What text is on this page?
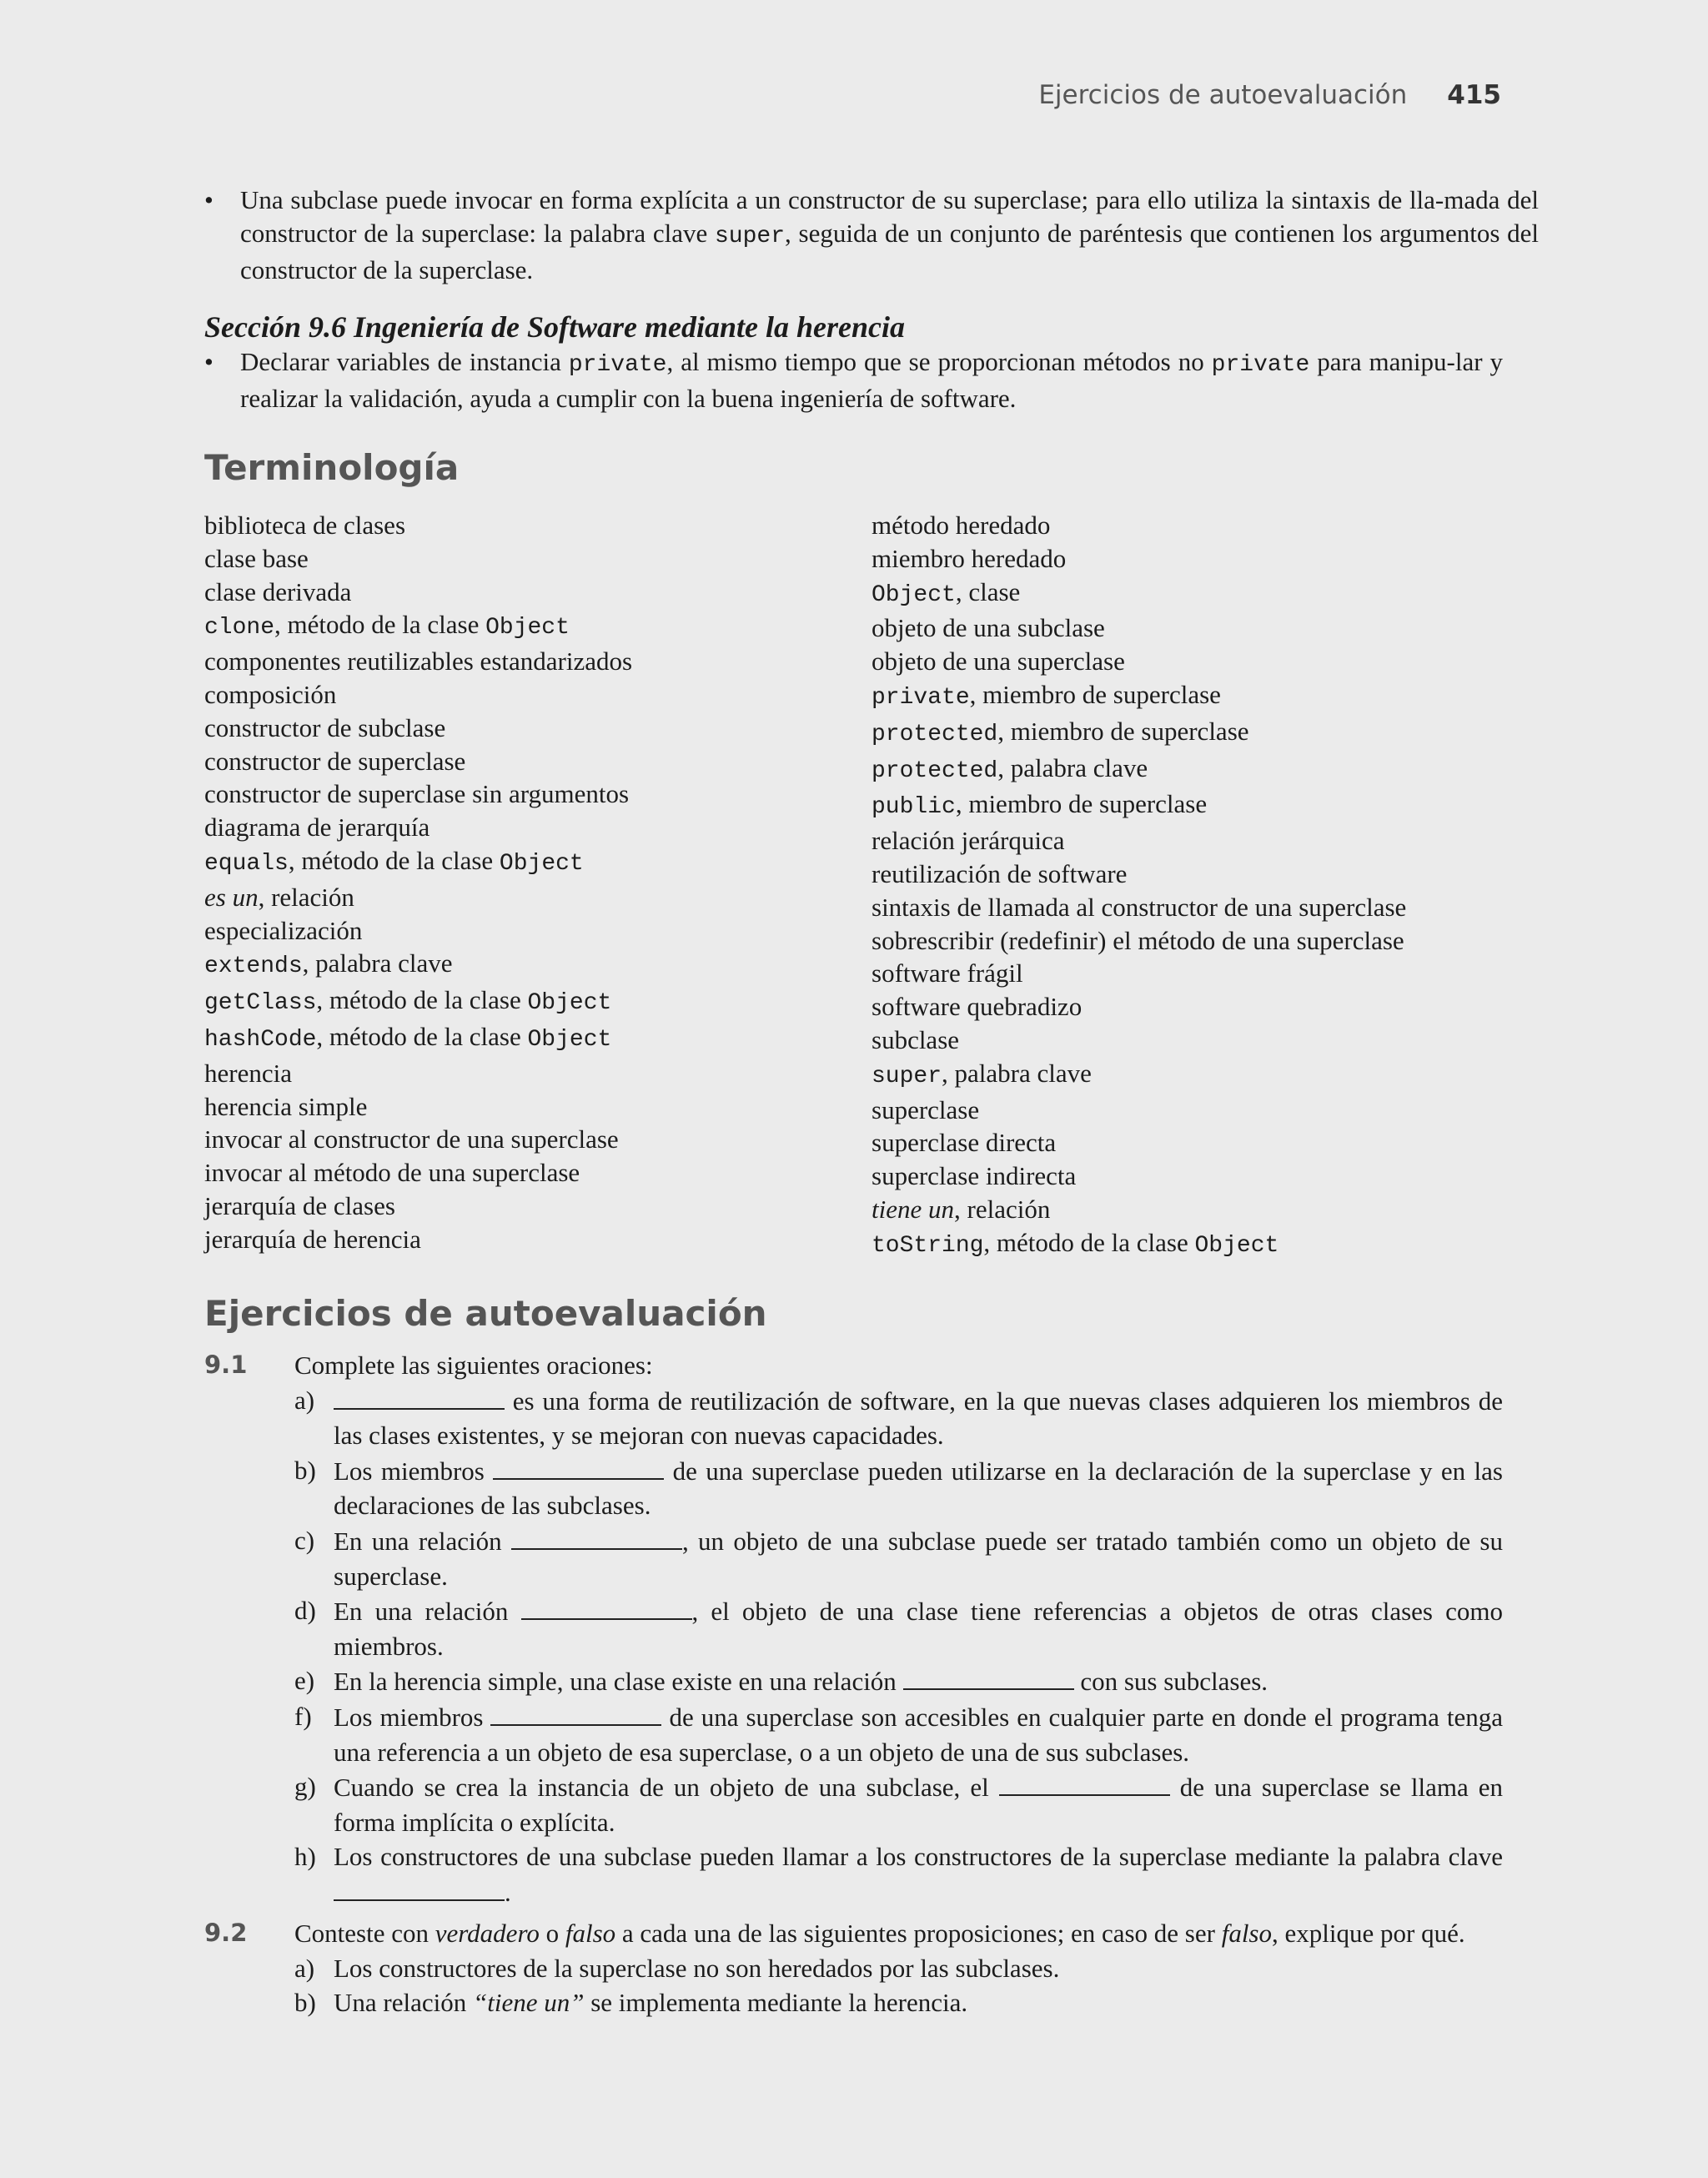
Ejercicios de autoevaluación 415
• Una subclase puede invocar en forma explícita a un constructor de su superclase; para ello utiliza la sintaxis de lla-mada del constructor de la superclase: la palabra clave super, seguida de un conjunto de paréntesis que contienen los argumentos del constructor de la superclase.
Sección 9.6 Ingeniería de Software mediante la herencia
• Declarar variables de instancia private, al mismo tiempo que se proporcionan métodos no private para manipu-lar y realizar la validación, ayuda a cumplir con la buena ingeniería de software.
Terminología
biblioteca de clases
clase base
clase derivada
clone, método de la clase Object
componentes reutilizables estandarizados
composición
constructor de subclase
constructor de superclase
constructor de superclase sin argumentos
diagrama de jerarquía
equals, método de la clase Object
es un, relación
especialización
extends, palabra clave
getClass, método de la clase Object
hashCode, método de la clase Object
herencia
herencia simple
invocar al constructor de una superclase
invocar al método de una superclase
jerarquía de clases
jerarquía de herencia
método heredado
miembro heredado
Object, clase
objeto de una subclase
objeto de una superclase
private, miembro de superclase
protected, miembro de superclase
protected, palabra clave
public, miembro de superclase
relación jerárquica
reutilización de software
sintaxis de llamada al constructor de una superclase
sobrescribir (redefinir) el método de una superclase
software frágil
software quebradizo
subclase
super, palabra clave
superclase
superclase directa
superclase indirecta
tiene un, relación
toString, método de la clase Object
Ejercicios de autoevaluación
9.1 Complete las siguientes oraciones:
a)	es una forma de reutilización de software, en la que nuevas clases adquieren los miembros de las clases existentes, y se mejoran con nuevas capacidades.
b) Los miembros	de una superclase pueden utilizarse en la declaración de la superclase y en las declaraciones de las subclases.
c) En una relación	, un objeto de una subclase puede ser tratado también como un objeto de su superclase.
d) En una relación	, el objeto de una clase tiene referencias a objetos de otras clases como miembros.
e) En la herencia simple, una clase existe en una relación	con sus subclases.
f) Los miembros	de una superclase son accesibles en cualquier parte en donde el programa tenga una referencia a un objeto de esa superclase, o a un objeto de una de sus subclases.
g) Cuando se crea la instancia de un objeto de una subclase, el	de una superclase se llama en forma implícita o explícita.
h) Los constructores de una subclase pueden llamar a los constructores de la superclase mediante la palabra clave .
9.2 Conteste con verdadero o falso a cada una de las siguientes proposiciones; en caso de ser falso, explique por qué.
a) Los constructores de la superclase no son heredados por las subclases.
b) Una relación “tiene un” se implementa mediante la herencia.
